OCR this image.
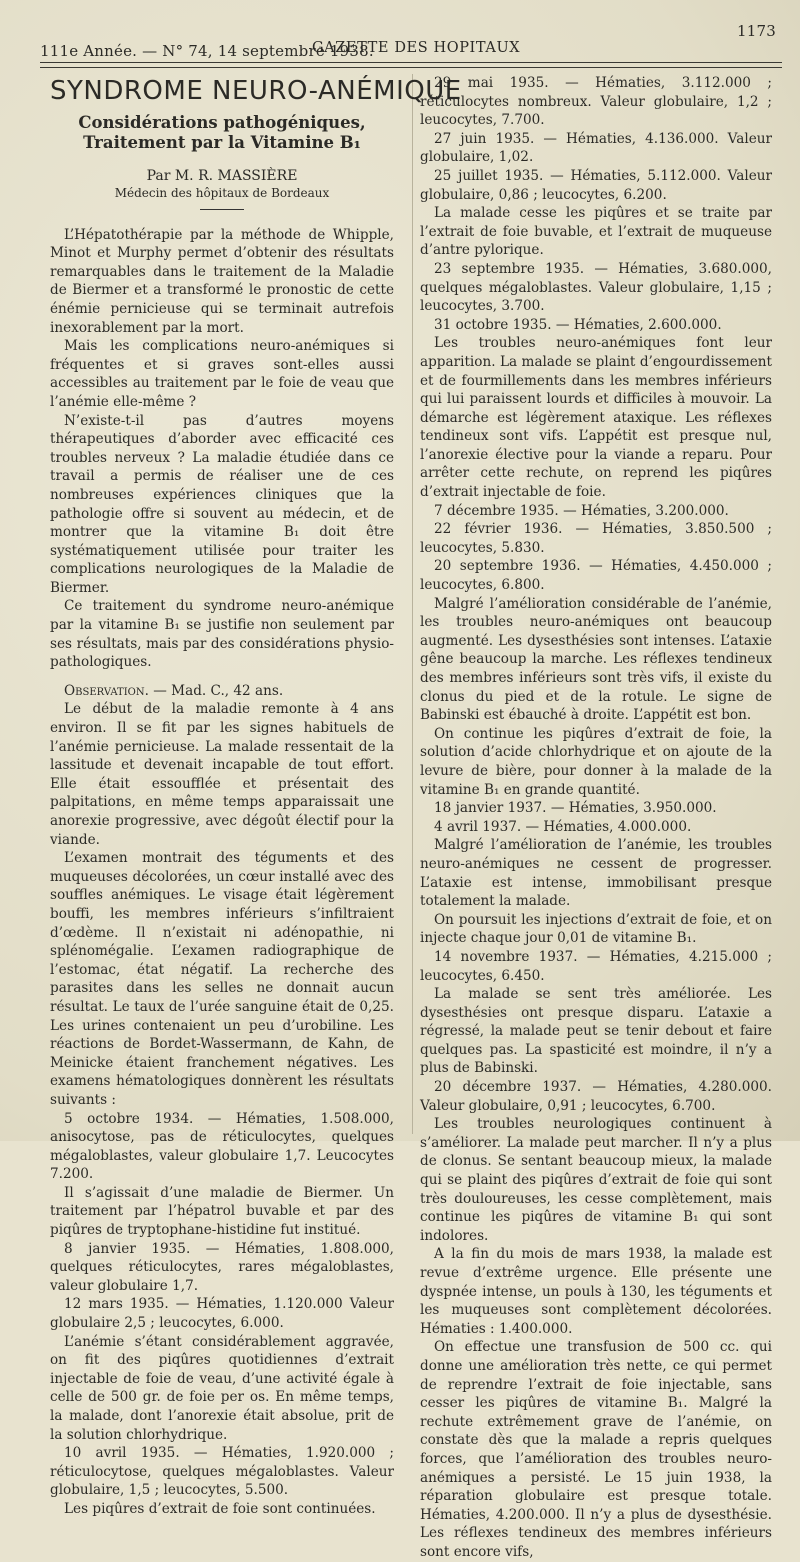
111e Année. — N° 74, 14 septembre 1938.
GAZETTE DES HOPITAUX
1173
SYNDROME NEURO-ANÉMIQUE

Considérations pathogéniques,

Traitement par la Vitamine B₁

Par M. R. MASSIÈRE
Médecin des hôpitaux de Bordeaux

L’Hépatothérapie par la méthode de Whipple, Minot et Murphy permet d’obtenir des résultats remarquables dans le traitement de la Maladie de Biermer et a transformé le pronostic de cette énémie pernicieuse qui se terminait autrefois inexorablement par la mort.

Mais les complications neuro-anémiques si fréquentes et si graves sont-elles aussi accessibles au traitement par le foie de veau que l’anémie elle-même ?

N’existe-t-il pas d’autres moyens thérapeutiques d’aborder avec efficacité ces troubles nerveux ? La maladie étudiée dans ce travail a permis de réaliser une de ces nombreuses expériences cliniques que la pathologie offre si souvent au médecin, et de montrer que la vitamine B₁ doit être systématiquement utilisée pour traiter les complications neurologiques de la Maladie de Biermer.

Ce traitement du syndrome neuro-anémique par la vitamine B₁ se justifie non seulement par ses résultats, mais par des considérations physio-pathologiques.

Observation. — Mad. C., 42 ans.

Le début de la maladie remonte à 4 ans environ. Il se fit par les signes habituels de l’anémie pernicieuse. La malade ressentait de la lassitude et devenait incapable de tout effort. Elle était essoufflée et présentait des palpitations, en même temps apparaissait une anorexie progressive, avec dégoût électif pour la viande.

L’examen montrait des téguments et des muqueuses décolorées, un cœur installé avec des souffles anémiques. Le visage était légèrement bouffi, les membres inférieurs s’infiltraient d’œdème. Il n’existait ni adénopathie, ni splénomégalie. L’examen radiographique de l’estomac, état négatif. La recherche des parasites dans les selles ne donnait aucun résultat. Le taux de l’urée sanguine était de 0,25. Les urines contenaient un peu d’urobiline. Les réactions de Bordet-Wassermann, de Kahn, de Meinicke étaient franchement négatives. Les examens hématologiques donnèrent les résultats suivants :

5 octobre 1934. — Hématies, 1.508.000, anisocytose, pas de réticulocytes, quelques mégaloblastes, valeur globulaire 1,7. Leucocytes 7.200.

Il s’agissait d’une maladie de Biermer. Un traitement par l’hépatrol buvable et par des piqûres de tryptophane-histidine fut institué.

8 janvier 1935. — Hématies, 1.808.000, quelques réticulocytes, rares mégaloblastes, valeur globulaire 1,7.

12 mars 1935. — Hématies, 1.120.000 Valeur globulaire 2,5 ; leucocytes, 6.000.

L’anémie s’étant considérablement aggravée, on fit des piqûres quotidiennes d’extrait injectable de foie de veau, d’une activité égale à celle de 500 gr. de foie per os. En même temps, la malade, dont l’anorexie était absolue, prit de la solution chlorhydrique.

10 avril 1935. — Hématies, 1.920.000 ; réticulocytose, quelques mégaloblastes. Valeur globulaire, 1,5 ; leucocytes, 5.500.

Les piqûres d’extrait de foie sont continuées.

29 mai 1935. — Hématies, 3.112.000 ; réticulocytes nombreux. Valeur globulaire, 1,2 ; leucocytes, 7.700.

27 juin 1935. — Hématies, 4.136.000. Valeur globulaire, 1,02.

25 juillet 1935. — Hématies, 5.112.000. Valeur globulaire, 0,86 ; leucocytes, 6.200.

La malade cesse les piqûres et se traite par l’extrait de foie buvable, et l’extrait de muqueuse d’antre pylorique.

23 septembre 1935. — Hématies, 3.680.000, quelques mégaloblastes. Valeur globulaire, 1,15 ; leucocytes, 3.700.

31 octobre 1935. — Hématies, 2.600.000.

Les troubles neuro-anémiques font leur apparition. La malade se plaint d’engourdissement et de fourmillements dans les membres inférieurs qui lui paraissent lourds et difficiles à mouvoir. La démarche est légèrement ataxique. Les réflexes tendineux sont vifs. L’appétit est presque nul, l’anorexie élective pour la viande a reparu. Pour arrêter cette rechute, on reprend les piqûres d’extrait injectable de foie.

7 décembre 1935. — Hématies, 3.200.000.

22 février 1936. — Hématies, 3.850.500 ; leucocytes, 5.830.

20 septembre 1936. — Hématies, 4.450.000 ; leucocytes, 6.800.

Malgré l’amélioration considérable de l’anémie, les troubles neuro-anémiques ont beaucoup augmenté. Les dysesthésies sont intenses. L’ataxie gêne beaucoup la marche. Les réflexes tendineux des membres inférieurs sont très vifs, il existe du clonus du pied et de la rotule. Le signe de Babinski est ébauché à droite. L’appétit est bon.

On continue les piqûres d’extrait de foie, la solution d’acide chlorhydrique et on ajoute de la levure de bière, pour donner à la malade de la vitamine B₁ en grande quantité.

18 janvier 1937. — Hématies, 3.950.000.

4 avril 1937. — Hématies, 4.000.000.

Malgré l’amélioration de l’anémie, les troubles neuro-anémiques ne cessent de progresser. L’ataxie est intense, immobilisant presque totalement la malade.

On poursuit les injections d’extrait de foie, et on injecte chaque jour 0,01 de vitamine B₁.

14 novembre 1937. — Hématies, 4.215.000 ; leucocytes, 6.450.

La malade se sent très améliorée. Les dysesthésies ont presque disparu. L’ataxie a régressé, la malade peut se tenir debout et faire quelques pas. La spasticité est moindre, il n’y a plus de Babinski.

20 décembre 1937. — Hématies, 4.280.000. Valeur globulaire, 0,91 ; leucocytes, 6.700.

Les troubles neurologiques continuent à s’améliorer. La malade peut marcher. Il n’y a plus de clonus. Se sentant beaucoup mieux, la malade qui se plaint des piqûres d’extrait de foie qui sont très douloureuses, les cesse complètement, mais continue les piqûres de vitamine B₁ qui sont indolores.

A la fin du mois de mars 1938, la malade est revue d’extrême urgence. Elle présente une dyspnée intense, un pouls à 130, les téguments et les muqueuses sont complètement décolorées. Hématies : 1.400.000.

On effectue une transfusion de 500 cc. qui donne une amélioration très nette, ce qui permet de reprendre l’extrait de foie injectable, sans cesser les piqûres de vitamine B₁. Malgré la rechute extrêmement grave de l’anémie, on constate dès que la malade a repris quelques forces, que l’amélioration des troubles neuro-anémiques a persisté. Le 15 juin 1938, la réparation globulaire est presque totale. Hématies, 4.200.000. Il n’y a plus de dysesthésie. Les réflexes tendineux des membres inférieurs sont encore vifs,
